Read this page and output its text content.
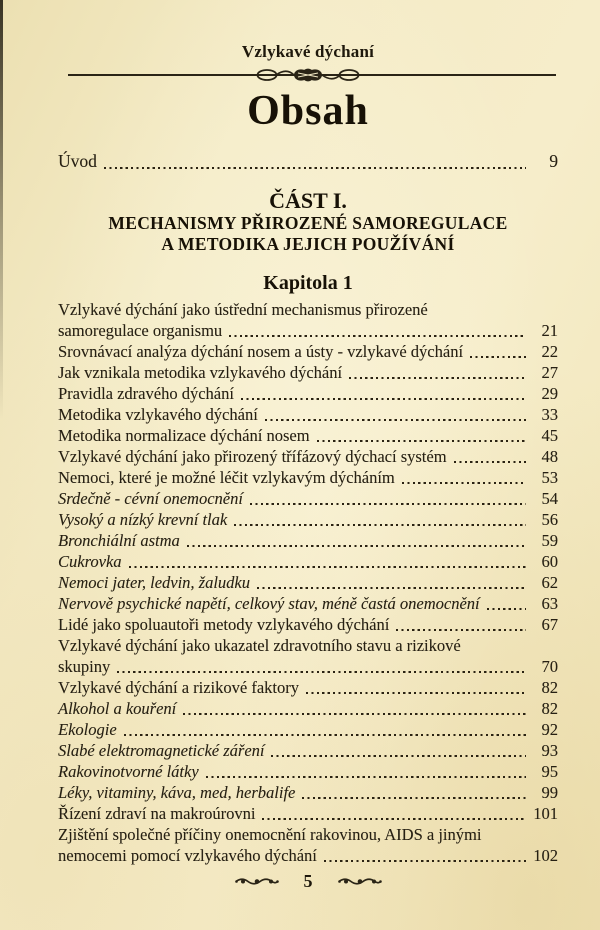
Vzlykavé dýchaní
Obsah
Úvod	9
ČÁST I.
MECHANISMY PŘIROZENÉ SAMOREGULACE
A METODIKA JEJICH POUŽÍVÁNÍ
Kapitola 1
Vzlykavé dýchání jako ústřední mechanismus přirozené
samoregulace organismu	21
Srovnávací analýza dýchání nosem a ústy - vzlykavé dýchání	22
Jak vznikala metodika vzlykavého dýchání	27
Pravidla zdravého dýchání	29
Metodika vzlykavého dýchání	33
Metodika normalizace dýchání nosem	45
Vzlykavé dýchání jako přirozený třífázový dýchací systém	48
Nemoci, které je možné léčit vzlykavým dýcháním	53
Srdečně - cévní onemocnění	54
Vysoký a nízký krevní tlak	56
Bronchiální astma	59
Cukrovka	60
Nemoci jater, ledvin, žaludku	62
Nervově psychické napětí, celkový stav, méně častá onemocnění	63
Lidé jako spoluautoři metody vzlykavého dýchání	67
Vzlykavé dýchání jako ukazatel zdravotního stavu a rizikové
skupiny	70
Vzlykavé dýchání a rizikové faktory	82
Alkohol a kouření	82
Ekologie	92
Slabé elektromagnetické záření	93
Rakovinotvorné látky	95
Léky, vitaminy, káva, med, herbalife	99
Řízení zdraví na makroúrovni	101
Zjištění společné příčiny onemocnění rakovinou, AIDS a jinými
nemocemi pomocí vzlykavého dýchání	102
5
